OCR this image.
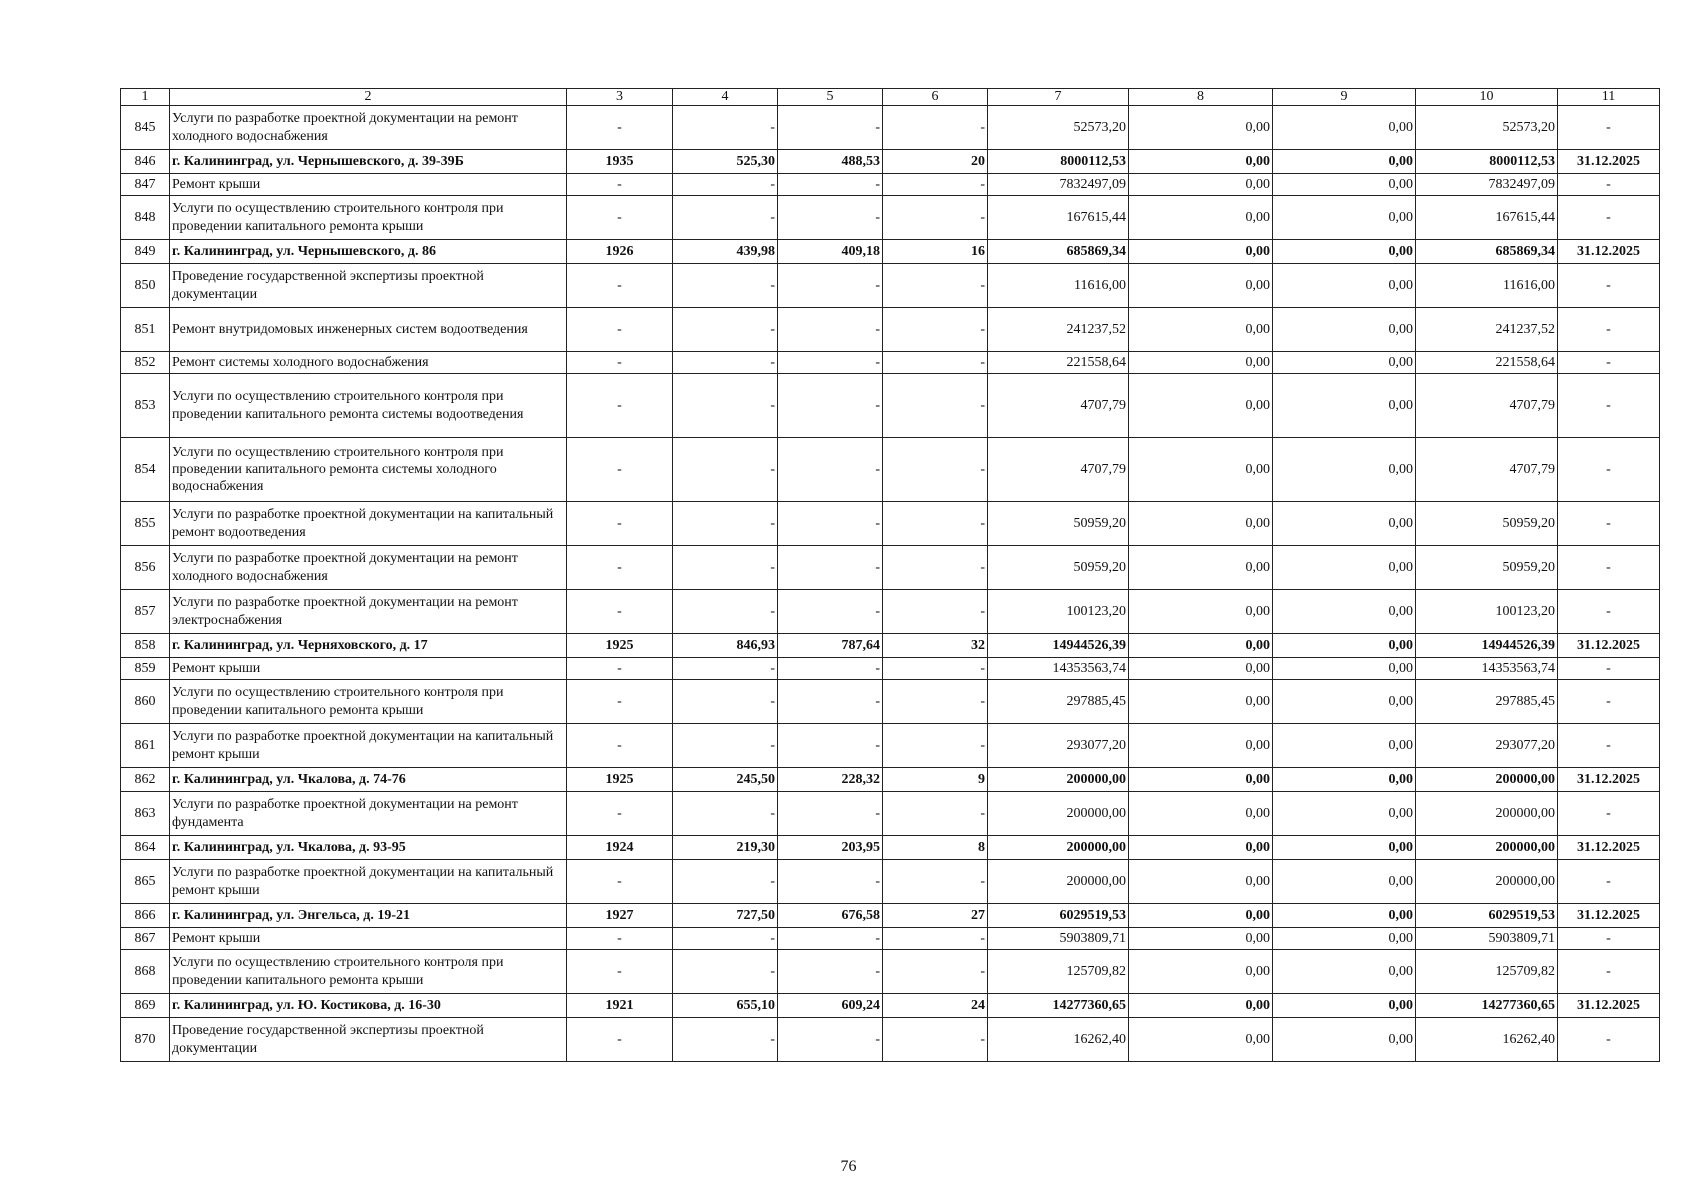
1	2	3	4	5	6	7	8	9	10	11
845	Услуги по разработке проектной документации на ремонт холодного водоснабжения	-	-	-	-	52573,20	0,00	0,00	52573,20	-
846	г. Калининград, ул. Чернышевского, д. 39-39Б	1935	525,30	488,53	20	8000112,53	0,00	0,00	8000112,53	31.12.2025
847	Ремонт крыши	-	-	-	-	7832497,09	0,00	0,00	7832497,09	-
848	Услуги по осуществлению строительного контроля при проведении капитального ремонта крыши	-	-	-	-	167615,44	0,00	0,00	167615,44	-
849	г. Калининград, ул. Чернышевского, д. 86	1926	439,98	409,18	16	685869,34	0,00	0,00	685869,34	31.12.2025
850	Проведение государственной экспертизы проектной документации	-	-	-	-	11616,00	0,00	0,00	11616,00	-
851	Ремонт внутридомовых инженерных систем водоотведения	-	-	-	-	241237,52	0,00	0,00	241237,52	-
852	Ремонт системы холодного водоснабжения	-	-	-	-	221558,64	0,00	0,00	221558,64	-
853	Услуги по осуществлению строительного контроля при проведении капитального ремонта системы водоотведения	-	-	-	-	4707,79	0,00	0,00	4707,79	-
854	Услуги по осуществлению строительного контроля при проведении капитального ремонта системы холодного водоснабжения	-	-	-	-	4707,79	0,00	0,00	4707,79	-
855	Услуги по разработке проектной документации на капитальный ремонт водоотведения	-	-	-	-	50959,20	0,00	0,00	50959,20	-
856	Услуги по разработке проектной документации на ремонт холодного водоснабжения	-	-	-	-	50959,20	0,00	0,00	50959,20	-
857	Услуги по разработке проектной документации на ремонт электроснабжения	-	-	-	-	100123,20	0,00	0,00	100123,20	-
858	г. Калининград, ул. Черняховского, д. 17	1925	846,93	787,64	32	14944526,39	0,00	0,00	14944526,39	31.12.2025
859	Ремонт крыши	-	-	-	-	14353563,74	0,00	0,00	14353563,74	-
860	Услуги по осуществлению строительного контроля при проведении капитального ремонта крыши	-	-	-	-	297885,45	0,00	0,00	297885,45	-
861	Услуги по разработке проектной документации на капитальный ремонт крыши	-	-	-	-	293077,20	0,00	0,00	293077,20	-
862	г. Калининград, ул. Чкалова, д. 74-76	1925	245,50	228,32	9	200000,00	0,00	0,00	200000,00	31.12.2025
863	Услуги по разработке проектной документации на ремонт фундамента	-	-	-	-	200000,00	0,00	0,00	200000,00	-
864	г. Калининград, ул. Чкалова, д. 93-95	1924	219,30	203,95	8	200000,00	0,00	0,00	200000,00	31.12.2025
865	Услуги по разработке проектной документации на капитальный ремонт крыши	-	-	-	-	200000,00	0,00	0,00	200000,00	-
866	г. Калининград, ул. Энгельса, д. 19-21	1927	727,50	676,58	27	6029519,53	0,00	0,00	6029519,53	31.12.2025
867	Ремонт крыши	-	-	-	-	5903809,71	0,00	0,00	5903809,71	-
868	Услуги по осуществлению строительного контроля при проведении капитального ремонта крыши	-	-	-	-	125709,82	0,00	0,00	125709,82	-
869	г. Калининград, ул. Ю. Костикова, д. 16-30	1921	655,10	609,24	24	14277360,65	0,00	0,00	14277360,65	31.12.2025
870	Проведение государственной экспертизы проектной документации	-	-	-	-	16262,40	0,00	0,00	16262,40	-
76
